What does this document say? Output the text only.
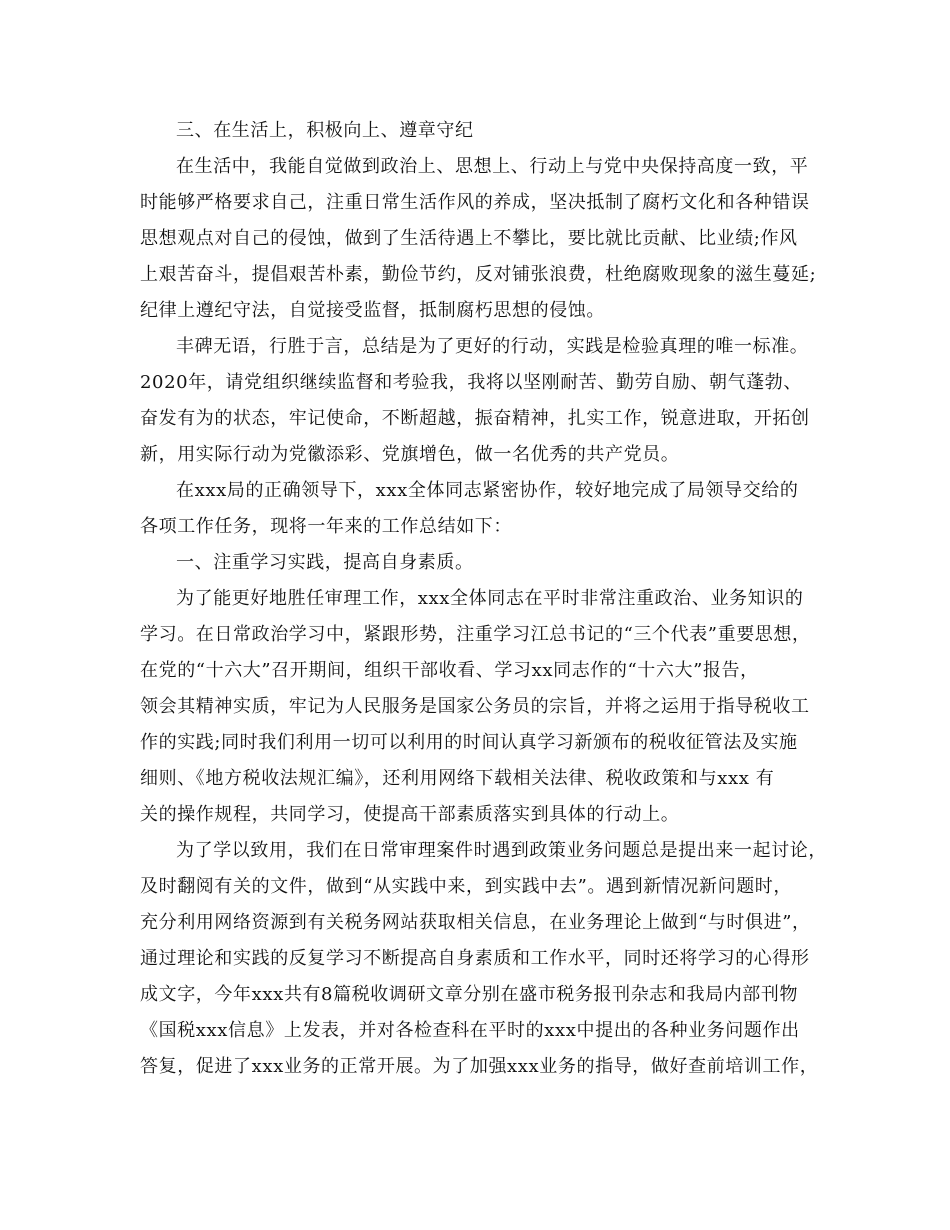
三、在生活上，积极向上、遵章守纪
在生活中，我能自觉做到政治上、思想上、行动上与党中央保持高度一致，平
时能够严格要求自己，注重日常生活作风的养成，坚决抵制了腐朽文化和各种错误
思想观点对自己的侵蚀，做到了生活待遇上不攀比，要比就比贡献、比业绩;作风
上艰苦奋斗，提倡艰苦朴素，勤俭节约，反对铺张浪费，杜绝腐败现象的滋生蔓延;
纪律上遵纪守法，自觉接受监督，抵制腐朽思想的侵蚀。
丰碑无语，行胜于言，总结是为了更好的行动，实践是检验真理的唯一标准。
2020年，请党组织继续监督和考验我，我将以坚刚耐苦、勤劳自励、朝气蓬勃、
奋发有为的状态，牢记使命，不断超越，振奋精神，扎实工作，锐意进取，开拓创
新，用实际行动为党徽添彩、党旗增色，做一名优秀的共产党员。
在xxx局的正确领导下，xxx全体同志紧密协作，较好地完成了局领导交给的
各项工作任务，现将一年来的工作总结如下：
一、注重学习实践，提高自身素质。
为了能更好地胜任审理工作，xxx全体同志在平时非常注重政治、业务知识的
学习。在日常政治学习中，紧跟形势，注重学习江总书记的“三个代表”重要思想，
在党的“十六大”召开期间，组织干部收看、学习xx同志作的“十六大”报告，
领会其精神实质，牢记为人民服务是国家公务员的宗旨，并将之运用于指导税收工
作的实践;同时我们利用一切可以利用的时间认真学习新颁布的税收征管法及实施
细则、《地方税收法规汇编》，还利用网络下载相关法律、税收政策和与xxx 有
关的操作规程，共同学习，使提高干部素质落实到具体的行动上。
为了学以致用，我们在日常审理案件时遇到政策业务问题总是提出来一起讨论，
及时翻阅有关的文件，做到“从实践中来，到实践中去”。遇到新情况新问题时，
充分利用网络资源到有关税务网站获取相关信息，在业务理论上做到“与时俱进”，
通过理论和实践的反复学习不断提高自身素质和工作水平，同时还将学习的心得形
成文字，今年xxx共有8篇税收调研文章分别在盛市税务报刊杂志和我局内部刊物
《国税xxx信息》上发表，并对各检查科在平时的xxx中提出的各种业务问题作出
答复，促进了xxx业务的正常开展。为了加强xxx业务的指导，做好查前培训工作，
